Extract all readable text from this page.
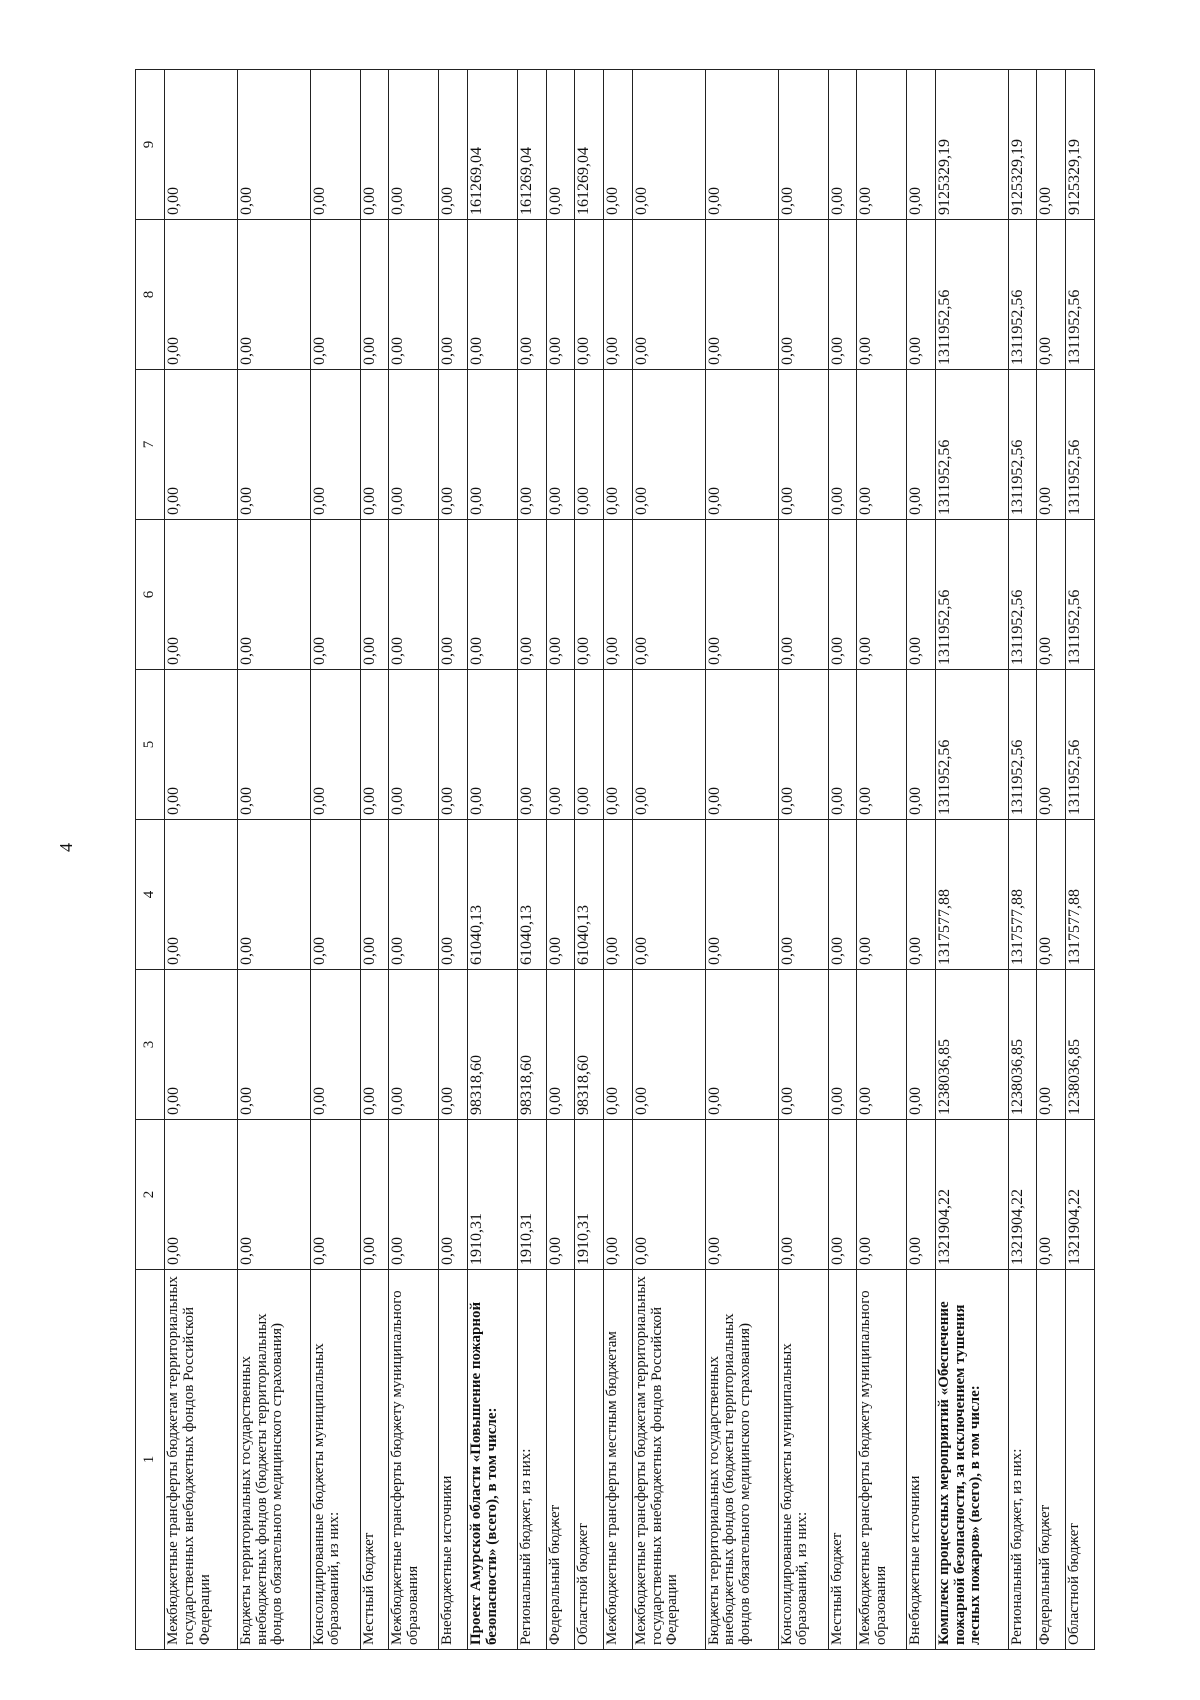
4
1	2	3	4	5	6	7	8	9
Межбюджетные трансферты бюджетам территориальных государственных внебюджетных фондов Российской Федерации	0,00	0,00	0,00	0,00	0,00	0,00	0,00	0,00
Бюджеты территориальных государственных внебюджетных фондов (бюджеты территориальных фондов обязательного медицинского страхования)	0,00	0,00	0,00	0,00	0,00	0,00	0,00	0,00
Консолидированные бюджеты муниципальных образований, из них:	0,00	0,00	0,00	0,00	0,00	0,00	0,00	0,00
Местный бюджет	0,00	0,00	0,00	0,00	0,00	0,00	0,00	0,00
Межбюджетные трансферты бюджету муниципального образования	0,00	0,00	0,00	0,00	0,00	0,00	0,00	0,00
Внебюджетные источники	0,00	0,00	0,00	0,00	0,00	0,00	0,00	0,00
Проект Амурской области «Повышение пожарной безопасности» (всего), в том числе:	1910,31	98318,60	61040,13	0,00	0,00	0,00	0,00	161269,04
Региональный бюджет, из них:	1910,31	98318,60	61040,13	0,00	0,00	0,00	0,00	161269,04
Федеральный бюджет	0,00	0,00	0,00	0,00	0,00	0,00	0,00	0,00
Областной бюджет	1910,31	98318,60	61040,13	0,00	0,00	0,00	0,00	161269,04
Межбюджетные трансферты местным бюджетам	0,00	0,00	0,00	0,00	0,00	0,00	0,00	0,00
Межбюджетные трансферты бюджетам территориальных государственных внебюджетных фондов Российской Федерации	0,00	0,00	0,00	0,00	0,00	0,00	0,00	0,00
Бюджеты территориальных государственных внебюджетных фондов (бюджеты территориальных фондов обязательного медицинского страхования)	0,00	0,00	0,00	0,00	0,00	0,00	0,00	0,00
Консолидированные бюджеты муниципальных образований, из них:	0,00	0,00	0,00	0,00	0,00	0,00	0,00	0,00
Местный бюджет	0,00	0,00	0,00	0,00	0,00	0,00	0,00	0,00
Межбюджетные трансферты бюджету муниципального образования	0,00	0,00	0,00	0,00	0,00	0,00	0,00	0,00
Внебюджетные источники	0,00	0,00	0,00	0,00	0,00	0,00	0,00	0,00
Комплекс процессных мероприятий «Обеспечение пожарной безопасности, за исключением тушения лесных пожаров» (всего), в том числе:	1321904,22	1238036,85	1317577,88	1311952,56	1311952,56	1311952,56	1311952,56	9125329,19
Региональный бюджет, из них:	1321904,22	1238036,85	1317577,88	1311952,56	1311952,56	1311952,56	1311952,56	9125329,19
Федеральный бюджет	0,00	0,00	0,00	0,00	0,00	0,00	0,00	0,00
Областной бюджет	1321904,22	1238036,85	1317577,88	1311952,56	1311952,56	1311952,56	1311952,56	9125329,19
